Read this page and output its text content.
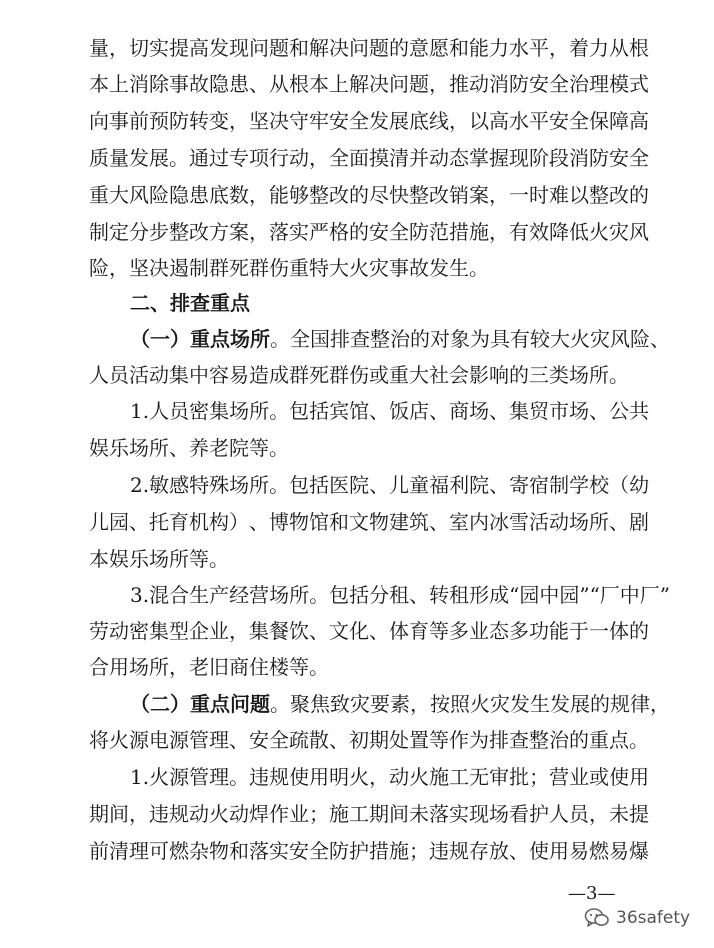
量 ， 切 实 提 高 发 现 问 题 和 解 决 问 题 的 意 愿 和 能 力 水 平 ， 着 力 从 根
本 上 消 除 事 故 隐 患 、 从 根 本 上 解 决 问 题 ， 推 动 消 防 安 全 治 理 模 式
向 事 前 预 防 转 变 ， 坚 决 守 牢 安 全 发 展 底 线 ， 以 高 水 平 安 全 保 障 高
质 量 发 展 。 通 过 专 项 行 动 ， 全 面 摸 清 并 动 态 掌 握 现 阶 段 消 防 安 全
重 大 风 险 隐 患 底 数 ， 能 够 整 改 的 尽 快 整 改 销 案 ， 一 时 难 以 整 改 的
制 定 分 步 整 改 方 案 ， 落 实 严 格 的 安 全 防 范 措 施 ， 有 效 降 低 火 灾 风
险，坚决遏制群死群伤重特大火灾事故发生。
二、排查重点
（ 一 ） 重 点 场 所 。 全 国 排 查 整 治 的 对 象 为 具 有 较 大 火 灾 风 险 、
人 员 活 动 集 中 容 易 造 成 群 死 群 伤 或 重 大 社 会 影 响 的 三 类 场 所 。
1 . 人 员 密 集 场 所 。 包 括 宾 馆 、 饭 店 、 商 场 、 集 贸 市 场 、 公 共
娱乐场所、养老院等。
2 . 敏 感 特 殊 场 所 。 包 括 医 院 、 儿 童 福 利 院 、 寄 宿 制 学 校 （ 幼
儿 园 、 托 育 机 构 ） 、 博 物 馆 和 文 物 建 筑 、 室 内 冰 雪 活 动 场 所 、 剧
本娱乐场所等。
3 . 混 合 生 产 经 营 场 所 。 包 括 分 租 、 转 租 形 成 “ 园 中 园 ” “ 厂 中 厂 ”
劳 动 密 集 型 企 业 ， 集 餐 饮 、 文 化 、 体 育 等 多 业 态 多 功 能 于 一 体 的
合用场所，老旧商住楼等。
（ 二 ） 重 点 问 题 。 聚 焦 致 灾 要 素 ， 按 照 火 灾 发 生 发 展 的 规 律 ，
将 火 源 电 源 管 理 、 安 全 疏 散 、 初 期 处 置 等 作 为 排 查 整 治 的 重 点 。
1 . 火 源 管 理 。 违 规 使 用 明 火 ， 动 火 施 工 无 审 批 ； 营 业 或 使 用
期 间 ， 违 规 动 火 动 焊 作 业 ； 施 工 期 间 未 落 实 现 场 看 护 人 员 ， 未 提
前 清 理 可 燃 杂 物 和 落 实 安 全 防 护 措 施 ； 违 规 存 放 、 使 用 易 燃 易 爆
—3—
36safety
